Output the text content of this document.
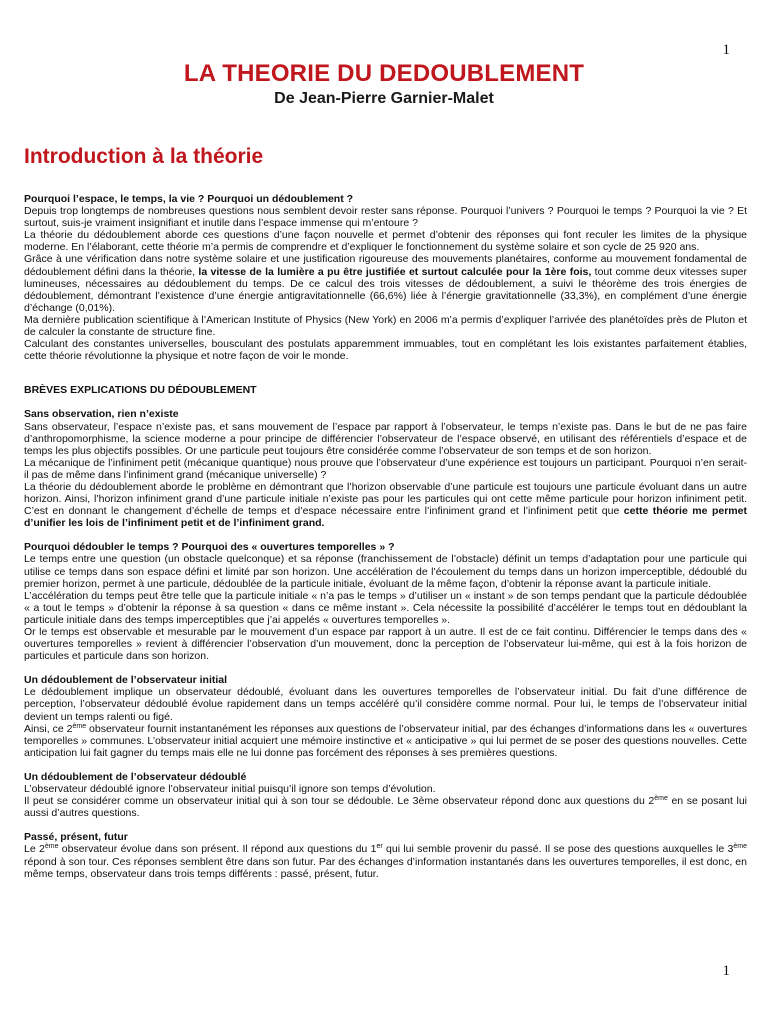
1
LA THEORIE DU DEDOUBLEMENT
De Jean-Pierre Garnier-Malet
Introduction à la théorie

Pourquoi l’espace, le temps, la vie ? Pourquoi un dédoublement ?

Depuis trop longtemps de nombreuses questions nous semblent devoir rester sans réponse. Pourquoi l’univers ? Pourquoi le temps ? Pourquoi la vie ? Et surtout, suis-je vraiment insignifiant et inutile dans l’espace immense qui m’entoure ?

La théorie du dédoublement aborde ces questions d’une façon nouvelle et permet d’obtenir des réponses qui font reculer les limites de la physique moderne. En l’élaborant, cette théorie m’a permis de comprendre et d’expliquer le fonctionnement du système solaire et son cycle de 25 920 ans.

Grâce à une vérification dans notre système solaire et une justification rigoureuse des mouvements planétaires, conforme au mouvement fondamental de dédoublement défini dans la théorie, la vitesse de la lumière a pu être justifiée et surtout calculée pour la 1ère fois, tout comme deux vitesses super lumineuses, nécessaires au dédoublement du temps. De ce calcul des trois vitesses de dédoublement, a suivi le théorème des trois énergies de dédoublement, démontrant l’existence d’une énergie antigravitationnelle (66,6%) liée à l’énergie gravitationnelle (33,3%), en complément d’une énergie d’échange (0,01%).

Ma dernière publication scientifique à l’American Institute of Physics (New York) en 2006 m’a permis d’expliquer l’arrivée des planétoïdes près de Pluton et de calculer la constante de structure fine.

Calculant des constantes universelles, bousculant des postulats apparemment immuables, tout en complétant les lois existantes parfaitement établies, cette théorie révolutionne la physique et notre façon de voir le monde.

BRÈVES EXPLICATIONS DU DÉDOUBLEMENT

Sans observation, rien n’existe

Sans observateur, l’espace n’existe pas, et sans mouvement de l’espace par rapport à l’observateur, le temps n’existe pas. Dans le but de ne pas faire d’anthropomorphisme, la science moderne a pour principe de différencier l’observateur de l’espace observé, en utilisant des référentiels d’espace et de temps les plus objectifs possibles. Or une particule peut toujours être considérée comme l’observateur de son temps et de son horizon.

La mécanique de l’infiniment petit (mécanique quantique) nous prouve que l’observateur d’une expérience est toujours un participant. Pourquoi n’en serait-il pas de même dans l’infiniment grand (mécanique universelle) ?

La théorie du dédoublement aborde le problème en démontrant que l’horizon observable d’une particule est toujours une particule évoluant dans un autre horizon. Ainsi, l’horizon infiniment grand d’une particule initiale n’existe pas pour les particules qui ont cette même particule pour horizon infiniment petit. C’est en donnant le changement d’échelle de temps et d’espace nécessaire entre l’infiniment grand et l’infiniment petit que cette théorie me permet d’unifier les lois de l’infiniment petit et de l’infiniment grand.

Pourquoi dédoubler le temps ? Pourquoi des « ouvertures temporelles » ?

Le temps entre une question (un obstacle quelconque) et sa réponse (franchissement de l’obstacle) définit un temps d’adaptation pour une particule qui utilise ce temps dans son espace défini et limité par son horizon. Une accélération de l’écoulement du temps dans un horizon imperceptible, dédoublé du premier horizon, permet à une particule, dédoublée de la particule initiale, évoluant de la même façon, d’obtenir la réponse avant la particule initiale.

L’accélération du temps peut être telle que la particule initiale « n’a pas le temps » d’utiliser un « instant » de son temps pendant que la particule dédoublée « a tout le temps » d’obtenir la réponse à sa question « dans ce même instant ». Cela nécessite la possibilité d’accélérer le temps tout en dédoublant la particule initiale dans des temps imperceptibles que j’ai appelés « ouvertures temporelles ».

Or le temps est observable et mesurable par le mouvement d’un espace par rapport à un autre. Il est de ce fait continu. Différencier le temps dans des « ouvertures temporelles » revient à différencier l’observation d’un mouvement, donc la perception de l’observateur lui-même, qui est à la fois horizon de particules et particule dans son horizon.

Un dédoublement de l’observateur initial

Le dédoublement implique un observateur dédoublé, évoluant dans les ouvertures temporelles de l’observateur initial. Du fait d’une différence de perception, l’observateur dédoublé évolue rapidement dans un temps accéléré qu’il considère comme normal. Pour lui, le temps de l’observateur initial devient un temps ralenti ou figé.

Ainsi, ce 2ème observateur fournit instantanément les réponses aux questions de l’observateur initial, par des échanges d’informations dans les « ouvertures temporelles » communes. L’observateur initial acquiert une mémoire instinctive et « anticipative » qui lui permet de se poser des questions nouvelles. Cette anticipation lui fait gagner du temps mais elle ne lui donne pas forcément des réponses à ses premières questions.

Un dédoublement de l’observateur dédoublé

L’observateur dédoublé ignore l’observateur initial puisqu’il ignore son temps d’évolution.

Il peut se considérer comme un observateur initial qui à son tour se dédouble. Le 3ème observateur répond donc aux questions du 2ème en se posant lui aussi d’autres questions.

Passé, présent, futur

Le 2ème observateur évolue dans son présent. Il répond aux questions du 1er qui lui semble provenir du passé. Il se pose des questions auxquelles le 3ème répond à son tour. Ces réponses semblent être dans son futur. Par des échanges d’information instantanés dans les ouvertures temporelles, il est donc, en même temps, observateur dans trois temps différents : passé, présent, futur.

1
